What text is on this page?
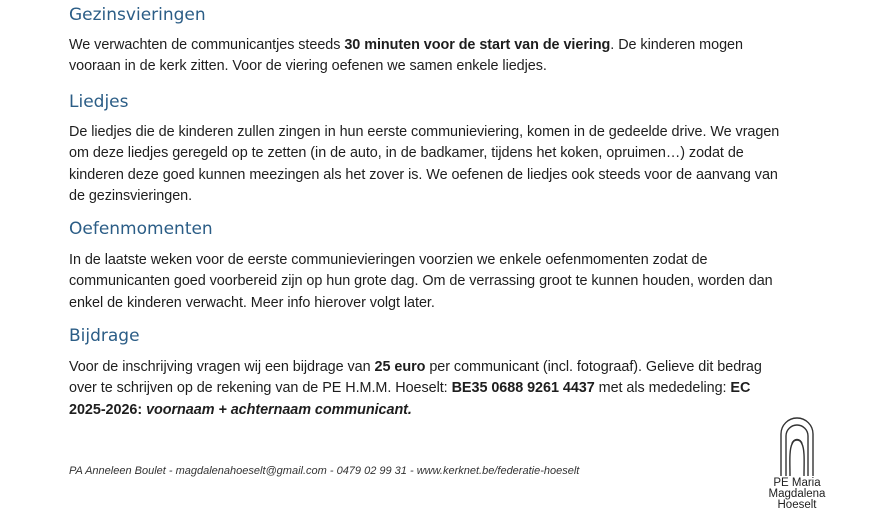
Gezinsvieringen

We verwachten de communicantjes steeds 30 minuten voor de start van de viering. De kinderen mogen vooraan in de kerk zitten. Voor de viering oefenen we samen enkele liedjes.

Liedjes

De liedjes die de kinderen zullen zingen in hun eerste communieviering, komen in de gedeelde drive. We vragen om deze liedjes geregeld op te zetten (in de auto, in de badkamer, tijdens het koken, opruimen…) zodat de kinderen deze goed kunnen meezingen als het zover is. We oefenen de liedjes ook steeds voor de aanvang van de gezinsvieringen.

Oefenmomenten

In de laatste weken voor de eerste communievieringen voorzien we enkele oefenmomenten zodat de communicanten goed voorbereid zijn op hun grote dag. Om de verrassing groot te kunnen houden, worden dan enkel de kinderen verwacht. Meer info hierover volgt later.

Bijdrage

Voor de inschrijving vragen wij een bijdrage van 25 euro per communicant (incl. fotograaf). Gelieve dit bedrag over te schrijven op de rekening van de PE H.M.M. Hoeselt: BE35 0688 9261 4437 met als mededeling: EC 2025-2026: voornaam + achternaam communicant.

PA Anneleen Boulet - magdalenahoeselt@gmail.com - 0479 02 99 31 - www.kerknet.be/federatie-hoeselt
PE Maria
Magdalena
Hoeselt
